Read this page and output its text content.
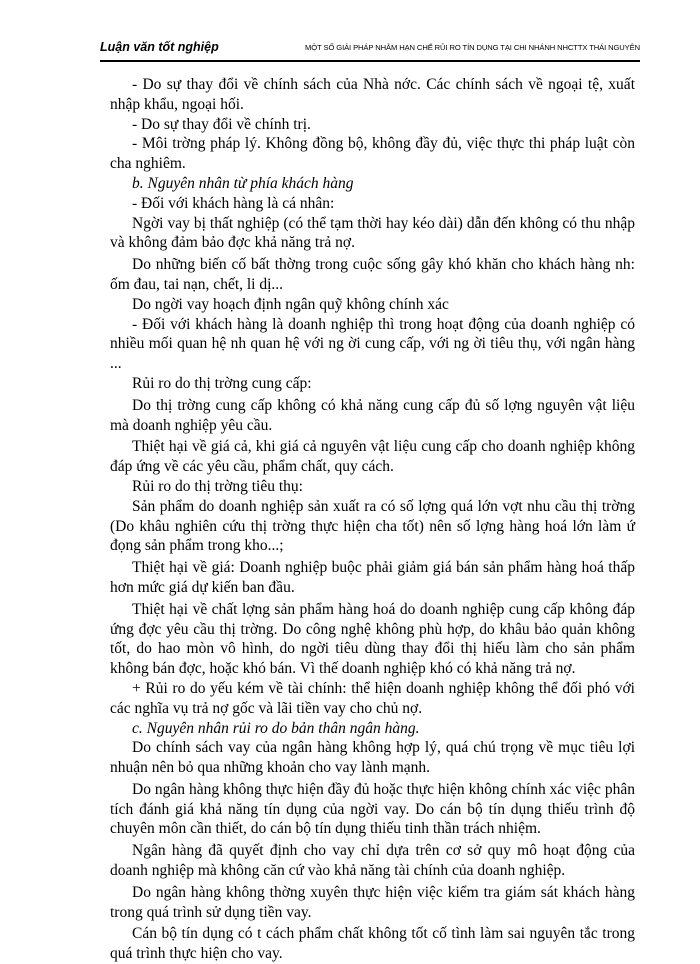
Luận văn tốt nghiệp	MỘT SỐ GIẢI PHÁP NHẰM HẠN CHẾ RỦI RO TÍN DỤNG TẠI CHI NHÁNH NHCTTX THÁI NGUYÊN

- Do sự thay đổi về chính sách của Nhà nớc. Các chính sách về ngoại tệ, xuất nhập khẩu, ngoại hối.

- Do sự thay đổi về chính trị.

- Môi trờng pháp lý. Không đồng bộ, không đầy đủ, việc thực thi pháp luật còn cha nghiêm.

b. Nguyên nhân từ phía khách hàng

- Đối với khách hàng là cá nhân:

Ngời vay bị thất nghiệp (có thể tạm thời hay kéo dài) dẫn đến không có thu nhập và không đảm bảo đợc khả năng trả nợ.

Do những biến cố bất thờng trong cuộc sống gây khó khăn cho khách hàng nh: ốm đau, tai nạn, chết, li dị...

Do ngời vay hoạch định ngân quỹ không chính xác

- Đối với khách hàng là doanh nghiệp thì trong hoạt động của doanh nghiệp có nhiều mối quan hệ nh quan hệ với ng ời cung cấp, với ng ời tiêu thụ, với ngân hàng ...

Rủi ro do thị trờng cung cấp:

Do thị trờng cung cấp không có khả năng cung cấp đủ số lợng nguyên vật liệu mà doanh nghiệp yêu cầu.

Thiệt hại về giá cả, khi giá cả nguyên vật liệu cung cấp cho doanh nghiệp không đáp ứng về các yêu cầu, phẩm chất, quy cách.

Rủi ro do thị trờng tiêu thụ:

Sản phẩm do doanh nghiệp sản xuất ra có số lợng quá lớn vợt nhu cầu thị trờng (Do khâu nghiên cứu thị trờng thực hiện cha tốt) nên số lợng hàng hoá lớn làm ứ đọng sản phẩm trong kho...;

Thiệt hại về giá: Doanh nghiệp buộc phải giảm giá bán sản phẩm hàng hoá thấp hơn mức giá dự kiến ban đầu.

Thiệt hại về chất lợng sản phẩm hàng hoá do doanh nghiệp cung cấp không đáp ứng đợc yêu cầu thị trờng. Do công nghệ không phù hợp, do khâu bảo quản không tốt, do hao mòn vô hình, do ngời tiêu dùng thay đổi thị hiếu làm cho sản phẩm không bán đợc, hoặc khó bán. Vì thế doanh nghiệp khó có khả năng trả nợ.

+ Rủi ro do yếu kém về tài chính: thể hiện doanh nghiệp không thể đối phó với các nghĩa vụ trả nợ gốc và lãi tiền vay cho chủ nợ.

c. Nguyên nhân rủi ro do bản thân ngân hàng.

Do chính sách vay của ngân hàng không hợp lý, quá chú trọng về mục tiêu lợi nhuận nên bỏ qua những khoản cho vay lành mạnh.

Do ngân hàng không thực hiện đầy đủ hoặc thực hiện không chính xác việc phân tích đánh giá khả năng tín dụng của ngời vay. Do cán bộ tín dụng thiếu trình độ chuyên môn cần thiết, do cán bộ tín dụng thiếu tinh thần trách nhiệm.

Ngân hàng đã quyết định cho vay chỉ dựa trên cơ sở quy mô hoạt động của doanh nghiệp mà không căn cứ vào khả năng tài chính của doanh nghiệp.

Do ngân hàng không thờng xuyên thực hiện việc kiểm tra giám sát khách hàng trong quá trình sử dụng tiền vay.

Cán bộ tín dụng có t cách phẩm chất không tốt cố tình làm sai nguyên tắc trong quá trình thực hiện cho vay.
